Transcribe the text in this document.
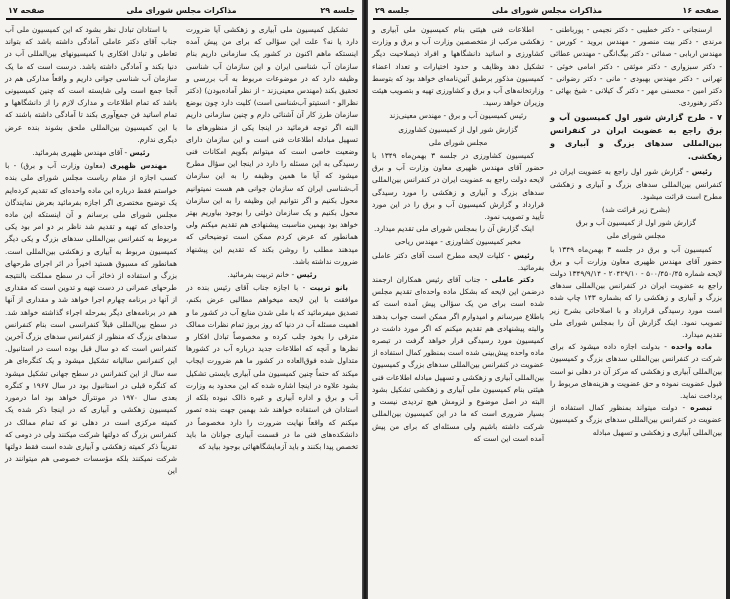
جلسه ۲۹
مذاکرات مجلس شورای ملی
صفحه ۱۷

با استادان تبادل نظر بشود که این کمیسیون ملی آب جناب آقای دکتر عاملی آمادگی داشته باشد که بتواند تعاطی و تبادل افکاری با کمیسیونهای بین‌المللی آب در دنیا بکند و آمادگی داشته باشد. درست است که ما یک سازمان آب شناسی جوانی داریم و واقعاً مدارکی هم در آنجا جمع است ولی شایسته است که چنین کمیسیونی باشد که تمام اطلاعات و مدارک لازم را از دانشگاهها و تمام اساتید فن جمع‌آوری بکند تا آمادگی داشته باشند که با این کمیسیون بین‌المللی ملحق بشوند بنده عرض دیگری ندارم.

رئیس - آقای مهندس ظهیری بفرمائید.

مهندس ظهیری (معاون وزارت آب و برق) - با کسب اجازه از مقام ریاست مجلس شورای ملی بنده خواستم فقط درباره این ماده واحده‌ای که تقدیم کرده‌ایم یک توضیح مختصری اگر اجازه بفرمائید بعرض نمایندگان مجلس شورای ملی برسانم و آن اینستکه این ماده واحده‌ای که تهیه و تقدیم شد ناظر بر دو امر بود یکی مربوط به کنفرانس بین‌المللی سدهای بزرگ و یکی دیگر کمیسیون مربوط به آبیاری و زهکشی بین‌المللی است. همانطور که مسبوق هستید اخیراً در اثر اجرای طرحهای بزرگ و استفاده از ذخائر آب در سطح مملکت بالنتیجه طرحهای عمرانی در دست تهیه و تدوین است که مقداری از آنها در برنامه چهارم اجرا خواهد شد و مقداری از آنها هم در برنامه‌های دیگر بمرحله اجراء گذاشته خواهد شد. در سطح بین‌المللی قبلاً کنفرانسی است بنام کنفرانس سدهای بزرگ که منظور از کنفرانس سدهای بزرگ آخرین کنفرانس است که دو سال قبل بوده است در استانبول. این کنفرانس سالیانه تشکیل میشود و یک کنگره‌ای هر سه سال از این کنفرانس در سطح جهانی تشکیل میشود که کنگره قبلی در استانبول بود در سال ۱۹۶۷ و کنگره بعدی سال ۱۹۷۰ در مونترآل خواهد بود اما درمورد کمیسیون زهکشی و آبیاری که در اینجا ذکر شده یک کمیته مرکزی است در دهلی نو که تمام ممالک در کنفرانس بزرگ که دولتها شرکت میکنند ولی در دومی که تقریباً ذکر کمیته زهکشی و آبیاری شده است فقط دولتها شرکت نمیکنند بلکه مؤسسات خصوصی هم میتوانند در این

تشکیل کمیسیون ملی آبیاری و زهکشی آیا ضرورت دارد یا نه؟ علت این سؤالی که برای من پیش آمده اینستکه ماهم اکنون در کشور یک سازمانی داریم بنام سازمان آب شناسی ایران و این سازمان آب شناسی وظیفه دارد که در موضوعات مربوط به آب بررسی و تحقیق بکند (مهندس معینی‌زند - از نظر آماده‌بودن) (دکتر نظرالو - انستیتو آب‌شناسی است) کلیت دارد چون بوضع سازمان طرز کار آن آشنائی دارم و چنین سازمانی داریم البته اگر توجه فرمائید در اینجا یکی از منظورهای ما تسهیل مبادله اطلاعات فنی است و این سازمان دارای وضعیت خاصی است که میتوانم بگویم امکانات فنی رسیدگی به این مسئله را دارد در اینجا این سؤال مطرح میشود که آیا ما همین وظیفه را به این سازمان آب‌شناسی ایران که سازمان جوانی هم هست نمیتوانیم محول بکنیم و اگر نتوانیم این وظیفه را به این سازمان محول بکنیم و یک سازمان دولتی را بوجود بیاوریم بهتر خواهد بود بهمین مناسبت پیشنهادی هم تقدیم میکنم ولی همانطور که عرض کردم ممکن است توضیحاتی که میدهند مطلب را روشن بکند که تقدیم این پیشنهاد ضرورت نداشته باشد.

رئیس - خانم تربیت بفرمائید.

بانو تربیت - با اجازه جناب آقای رئیس بنده در موافقت با این لایحه میخواهم مطالبی عرض بکنم، تصدیق میفرمائید که با ملی شدن منابع آب در کشور ما و اهمیت مسئله آب در دنیا که روز بروز تمام نظرات ممالک مترقی را بخود جلب کرده و مخصوصاً تبادل افکار و نظرها و آنچه که اطلاعات جدید درباره آب در کشورها متداول شده فوق‌العاده در کشور ما هم ضرورت ایجاب میکند که حتماً چنین کمیسیون ملی آبیاری بایستی تشکیل بشود علاوه در اینجا اشاره شده که این محدود به وزارت آب و برق و اداره آبیاری و غیره ذالک نبوده بلکه از استادان فن استفاده خواهند شد بهمین جهت بنده تصور میکنم که واقعاً نهایت ضرورت را دارد مخصوصاً در دانشکده‌های فنی ما در قسمت آبیاری جوانان ما باید تخصص پیدا بکنند و باید آزمایشگاههائی بوجود بیاید که

جلسه ۲۹	مذاکرات مجلس شورای ملی	صفحه ۱۶

اطلاعات فنی هیئتی بنام کمیسیون ملی آبیاری و زهکشی مرکب از متخصصین وزارت آب و برق و وزارت کشاورزی و اساتید دانشگاهها و افراد ذیصلاحیت دیگر تشکیل دهد وظایف و حدود اختیارات و تعداد اعضاء کمیسیون مذکور برطبق آئین‌نامه‌ای خواهد بود که بتوسط وزارتخانه‌های آب و برق و کشاورزی تهیه و بتصویب هیئت وزیران خواهد رسید.

رئیس کمیسیون آب و برق - مهندس معینی‌زند

گزارش شور اول از کمیسیون کشاورزی

مجلس شورای ملی

کمیسیون کشاورزی در جلسه ۳ بهمن‌ماه ۱۳۴۹ با حضور آقای مهندس ظهیری معاون وزارت آب و برق لایحه دولت راجع به عضویت ایران در کنفرانس بین‌المللی سدهای بزرگ و آبیاری و زهکشی را مورد رسیدگی قرارداد و گزارش کمیسیون آب و برق را در این مورد تأیید و تصویب نمود.

اینک گزارش آن را بمجلس شورای ملی تقدیم میدارد.

مخبر کمیسیون کشاورزی - مهندس ریاحی

رئیس - کلیات لایحه مطرح است آقای دکتر عاملی بفرمائید.

دکتر عاملی - جناب آقای رئیس همکاران ارجمند درضمن این لایحه که بشکل ماده واحده‌ای تقدیم مجلس شده است برای من یک سؤالی پیش آمده است که باطلاع میرسانم و امیدوارم اگر ممکن است جواب بدهند والبته پیشنهادی هم تقدیم میکنم که اگر مورد داشت در کمیسیون مورد رسیدگی قرار خواهد گرفت در تبصره ماده واحده پیش‌بینی شده است بمنظور کمال استفاده از عضویت در کنفرانس بین‌المللی سدهای بزرگ و کمیسیون بین‌المللی آبیاری و زهکشی و تسهیل مبادله اطلاعات فنی هیئتی بنام کمیسیون ملی آبیاری و زهکشی تشکیل بشود البته در اصل موضوع و لزومش هیچ تردیدی نیست و بسیار ضروری است که ما در این کمیسیون بین‌المللی شرکت داشته باشیم ولی مسئله‌ای که برای من پیش آمده است این است که

ارسنجانی - دکتر خطیبی - دکتر نجیمی - پورباطنی - مرندی - دکتر بیت منصور - مهندس بروید - کورس - مهندس اربابی - صفائی - دکتر بیگ‌انگی - مهندس عطائی - دکتر سبزواری - دکتر موثقی - دکتر امامی خوئی - تهرانی - دکتر مهندس بهبودی - مانی - دکتر رضوانی - دکتر امین - محسنی مهر - دکتر گ کیلانی - شیخ بهائی - دکتر رهنوردی.

۷ - طرح گزارش شور اول کمیسیون آب و برق راجع به عضویت ایران در کنفرانس بین‌المللی سدهای بزرگ و آبیاری و زهکشی.

رئیس - گزارش شور اول راجع به عضویت ایران در کنفرانس بین‌المللی سدهای بزرگ و آبیاری و زهکشی مطرح است قرائت میشود.

(بشرح زیر قرائت شد)

گزارش شور اول از کمیسیون آب و برق

مجلس شورای ملی

کمیسیون آب و برق در جلسه ۳ بهمن‌ماه ۱۳۴۹ با حضور آقای مهندس ظهیری معاون وزارت آب و برق لایحه شماره ۵۰۰/۴۵۰/۴۵ - ۲۰۴۲۹/۱۰ - ۱۳۴۹/۹/۱۴ دولت راجع به عضویت ایران در کنفرانس بین‌المللی سدهای بزرگ و آبیاری و زهکشی را که بشماره ۱۴۳ چاپ شده است مورد رسیدگی قرارداد و با اصلاحاتی بشرح زیر تصویب نمود. اینک گزارش آن را بمجلس شورای ملی تقدیم میدارد.

ماده واحده - بدولت اجازه داده میشود که برای شرکت در کنفرانس بین‌المللی سدهای بزرگ و کمیسیون بین‌المللی آبیاری و زهکشی که مرکز آن در دهلی نو است قبول عضویت نموده و حق عضویت و هزینه‌های مربوط را پرداخت نماید.

تبصره - دولت میتواند بمنظور کمال استفاده از عضویت در کنفرانس بین‌المللی سدهای بزرگ و کمیسیون بین‌المللی آبیاری و زهکشی و تسهیل مبادله
